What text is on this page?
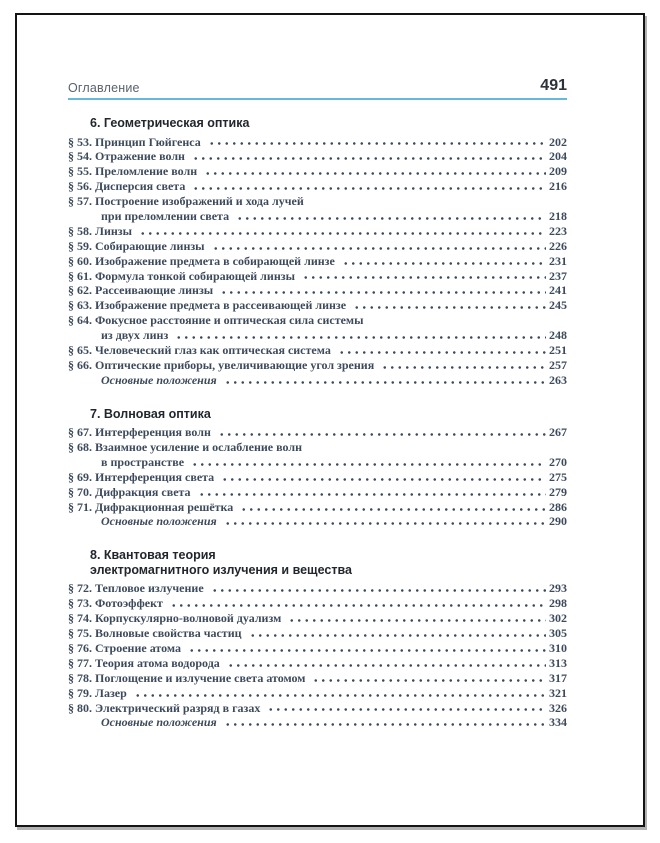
Оглавление	491
6. Геометрическая оптика
§ 53. Принцип Гюйгенса	202
§ 54. Отражение волн	204
§ 55. Преломление волн	209
§ 56. Дисперсия света	216
§ 57. Построение изображений и хода лучей
при преломлении света	218
§ 58. Линзы	223
§ 59. Собирающие линзы	226
§ 60. Изображение предмета в собирающей линзе	231
§ 61. Формула тонкой собирающей линзы	237
§ 62. Рассеивающие линзы	241
§ 63. Изображение предмета в рассеивающей линзе	245
§ 64. Фокусное расстояние и оптическая сила системы
из двух линз	248
§ 65. Человеческий глаз как оптическая система	251
§ 66. Оптические приборы, увеличивающие угол зрения	257
Основные положения	263
7. Волновая оптика
§ 67. Интерференция волн	267
§ 68. Взаимное усиление и ослабление волн
в пространстве	270
§ 69. Интерференция света	275
§ 70. Дифракция света	279
§ 71. Дифракционная решётка	286
Основные положения	290
8. Квантовая теория
электромагнитного излучения и вещества
§ 72. Тепловое излучение	293
§ 73. Фотоэффект	298
§ 74. Корпускулярно-волновой дуализм	302
§ 75. Волновые свойства частиц	305
§ 76. Строение атома	310
§ 77. Теория атома водорода	313
§ 78. Поглощение и излучение света атомом	317
§ 79. Лазер	321
§ 80. Электрический разряд в газах	326
Основные положения	334
